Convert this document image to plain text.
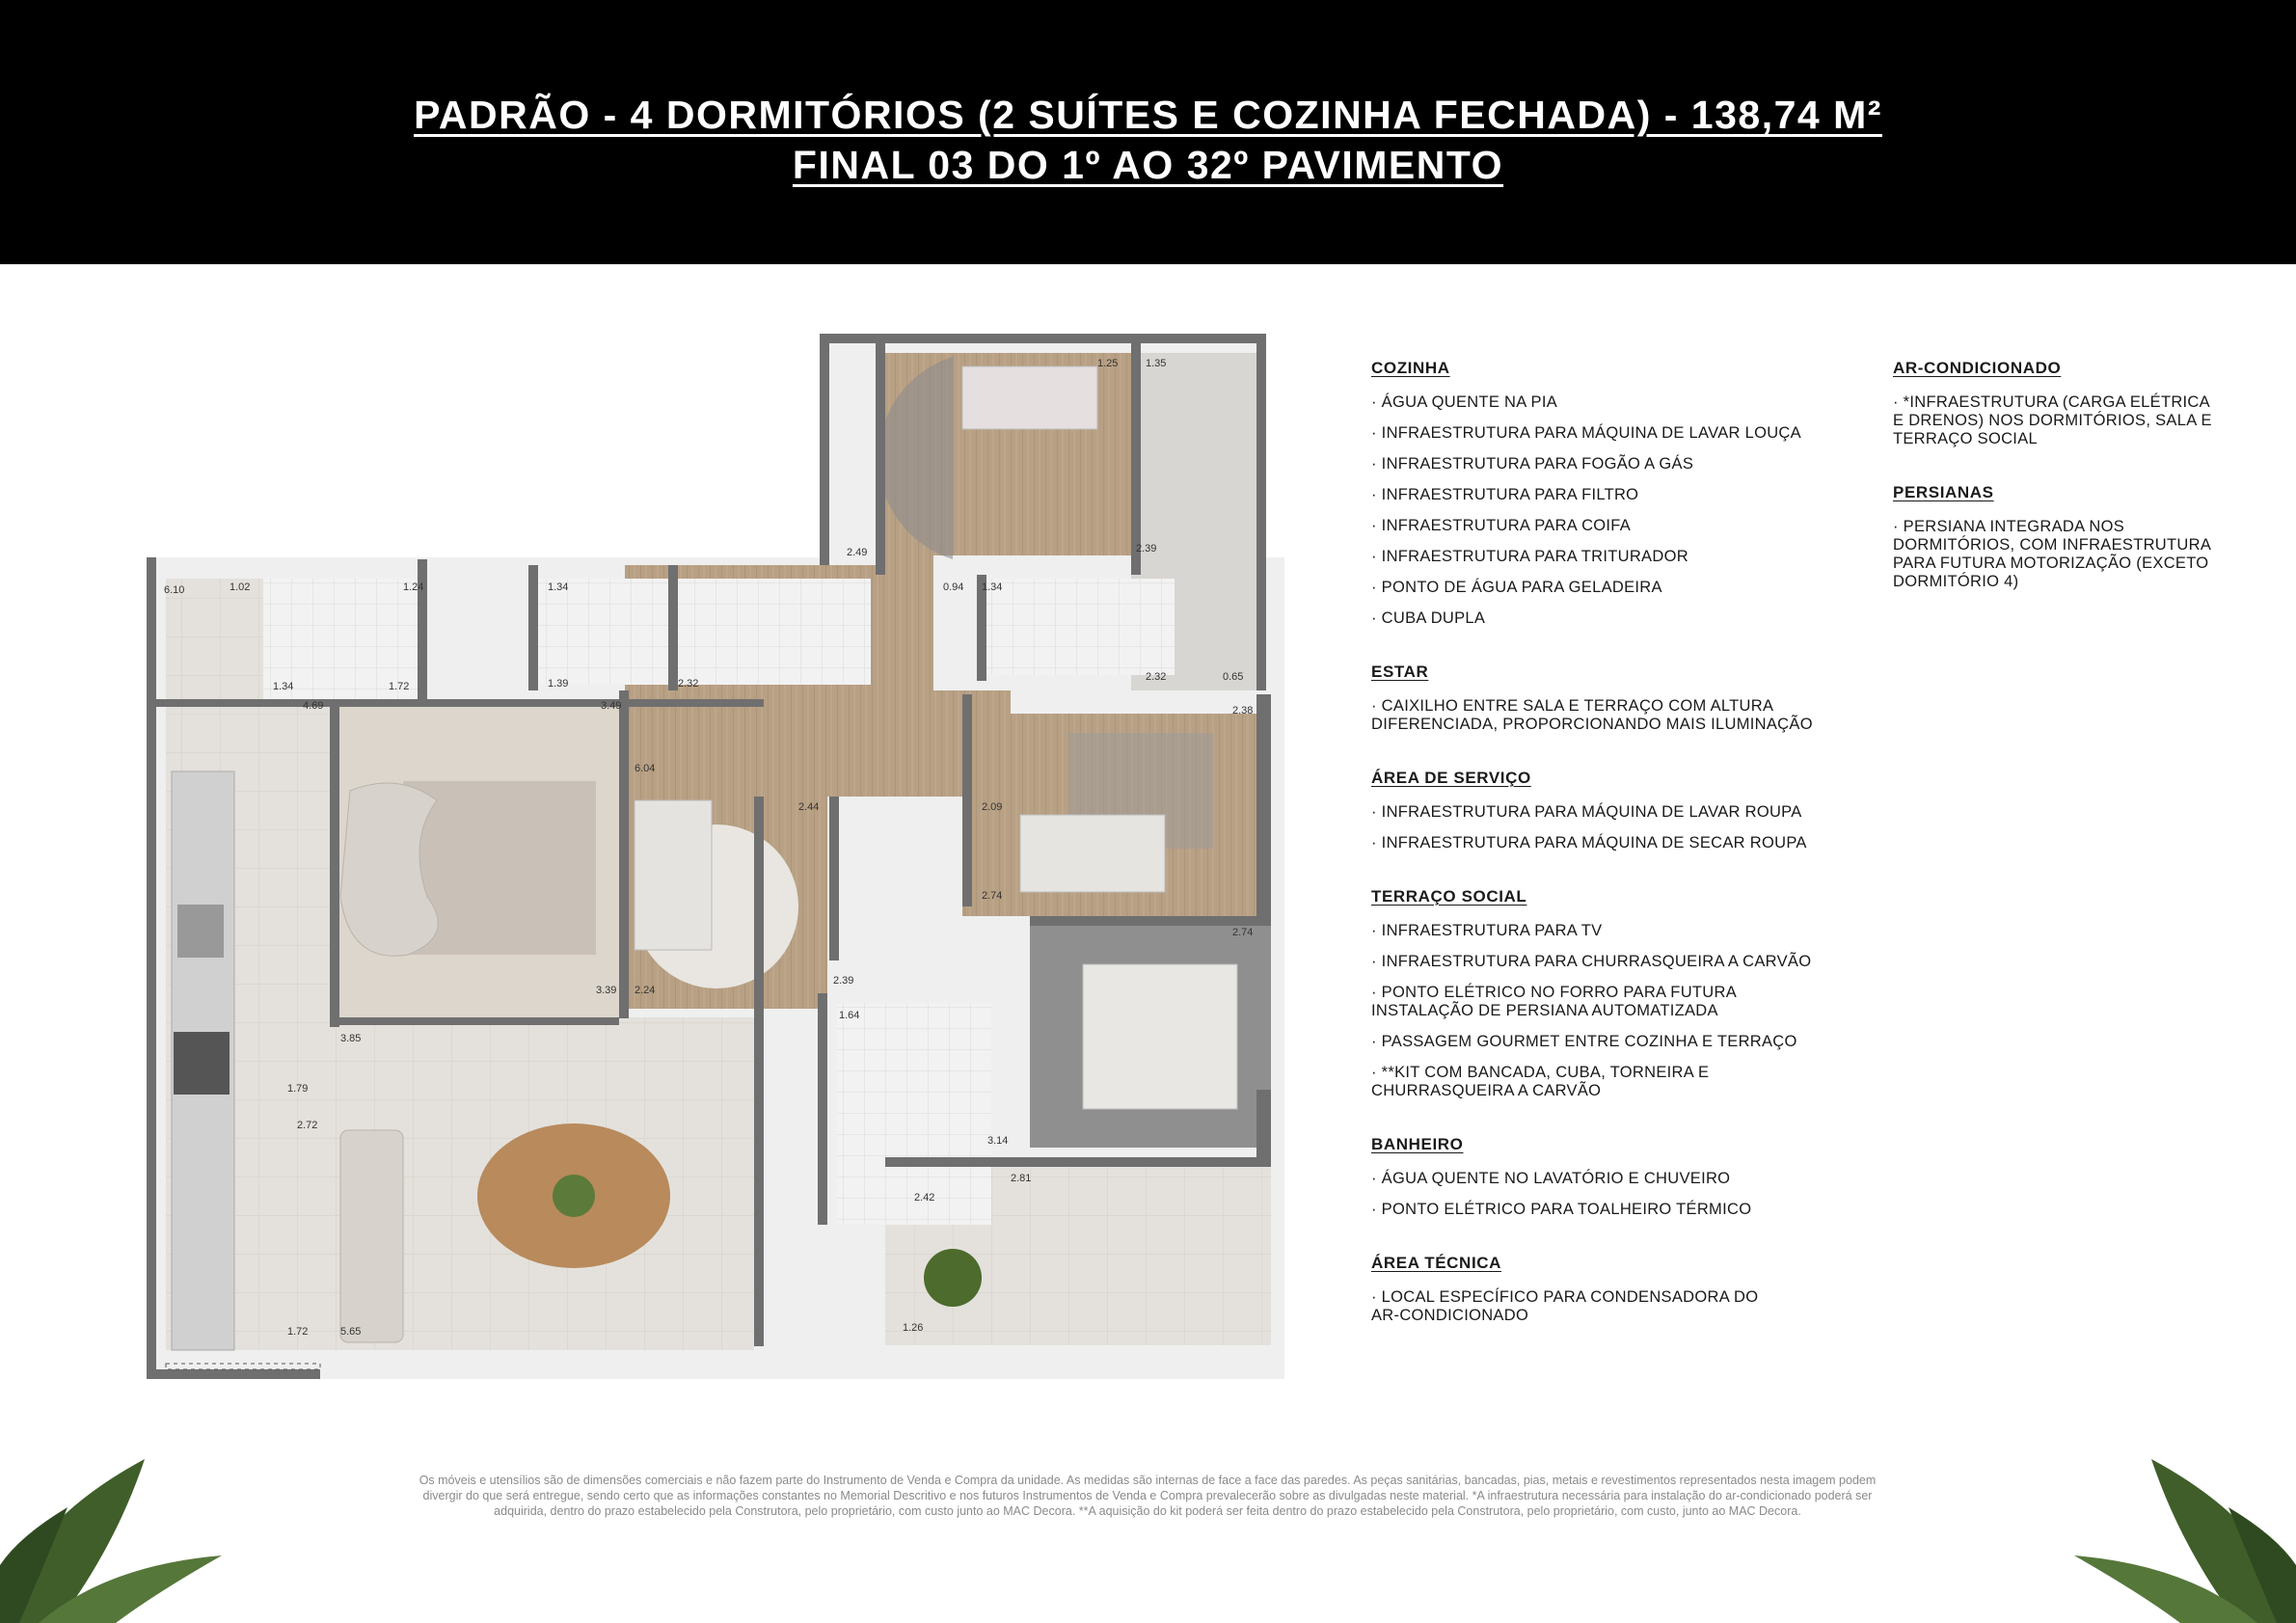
PADRÃO - 4 DORMITÓRIOS (2 SUÍTES E COZINHA FECHADA) - 138,74 M²
FINAL 03 DO 1º AO 32º PAVIMENTO
1.25	1.35
2.49	2.39
6.10	1.02	1.24	1.34
1.34	1.72	1.39	2.32
0.94 1.34
2.32	0.65
4.69	3.49
6.04
2.38
2.44	2.09
2.74
2.74
3.39 2.24
2.39
3.85
1.64
2.72
1.79
3.14
2.42
2.81
1.72	5.65	1.26
COZINHA
· ÁGUA QUENTE NA PIA
· INFRAESTRUTURA PARA MÁQUINA DE LAVAR LOUÇA
· INFRAESTRUTURA PARA FOGÃO A GÁS
· INFRAESTRUTURA PARA FILTRO
· INFRAESTRUTURA PARA COIFA
· INFRAESTRUTURA PARA TRITURADOR
· PONTO DE ÁGUA PARA GELADEIRA
· CUBA DUPLA
ESTAR
· CAIXILHO ENTRE SALA E TERRAÇO COM ALTURA
DIFERENCIADA, PROPORCIONANDO MAIS ILUMINAÇÃO
ÁREA DE SERVIÇO
· INFRAESTRUTURA PARA MÁQUINA DE LAVAR ROUPA
· INFRAESTRUTURA PARA MÁQUINA DE SECAR ROUPA
TERRAÇO SOCIAL
· INFRAESTRUTURA PARA TV
· INFRAESTRUTURA PARA CHURRASQUEIRA A CARVÃO
· PONTO ELÉTRICO NO FORRO PARA FUTURA
INSTALAÇÃO DE PERSIANA AUTOMATIZADA
· PASSAGEM GOURMET ENTRE COZINHA E TERRAÇO
· **KIT COM BANCADA, CUBA, TORNEIRA E
CHURRASQUEIRA A CARVÃO
BANHEIRO
· ÁGUA QUENTE NO LAVATÓRIO E CHUVEIRO
· PONTO ELÉTRICO PARA TOALHEIRO TÉRMICO
ÁREA TÉCNICA
· LOCAL ESPECÍFICO PARA CONDENSADORA DO
AR-CONDICIONADO
AR-CONDICIONADO
· *INFRAESTRUTURA (CARGA ELÉTRICA
E DRENOS) NOS DORMITÓRIOS, SALA E
TERRAÇO SOCIAL
PERSIANAS
· PERSIANA INTEGRADA NOS
DORMITÓRIOS, COM INFRAESTRUTURA
PARA FUTURA MOTORIZAÇÃO (EXCETO
DORMITÓRIO 4)
Os móveis e utensílios são de dimensões comerciais e não fazem parte do Instrumento de Venda e Compra da unidade. As medidas são internas de face a face das paredes. As peças sanitárias, bancadas, pias, metais e revestimentos representados nesta imagem podem
divergir do que será entregue, sendo certo que as informações constantes no Memorial Descritivo e nos futuros Instrumentos de Venda e Compra prevalecerão sobre as divulgadas neste material. *A infraestrutura necessária para instalação do ar-condicionado poderá ser
adquirida, dentro do prazo estabelecido pela Construtora, pelo proprietário, com custo junto ao MAC Decora. **A aquisição do kit poderá ser feita dentro do prazo estabelecido pela Construtora, pelo proprietário, com custo, junto ao MAC Decora.
